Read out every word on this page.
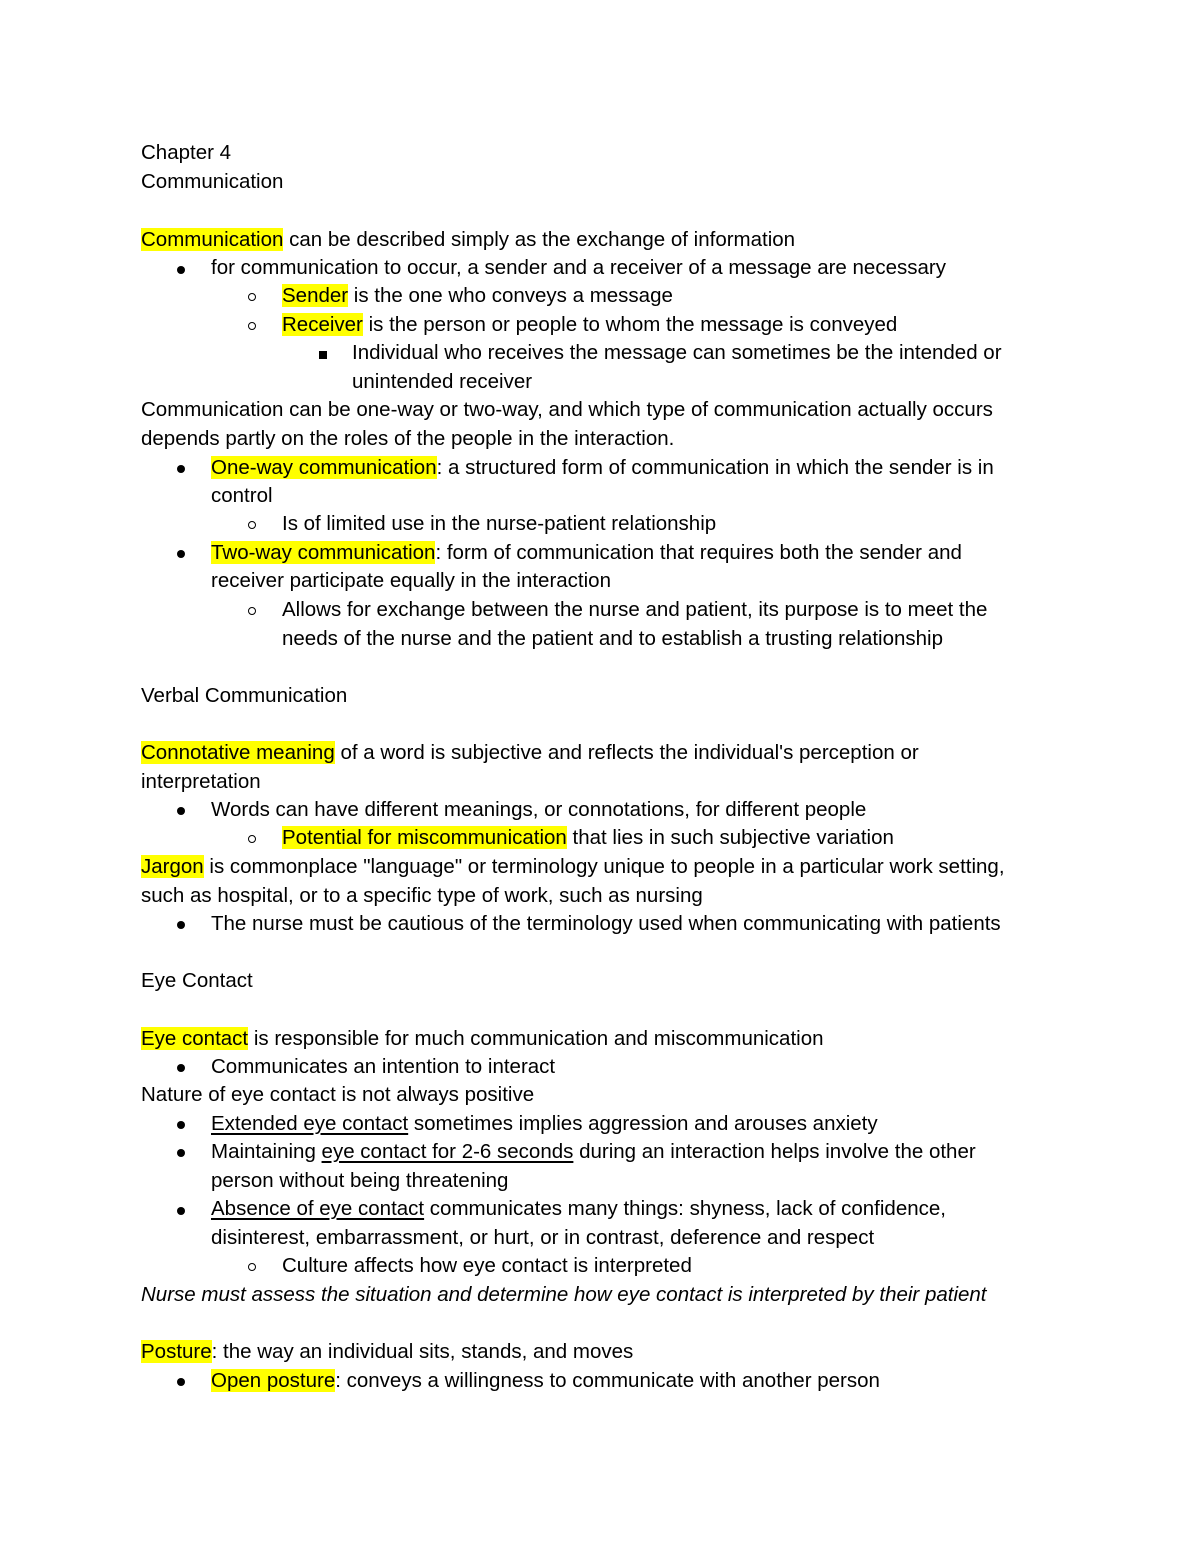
Chapter 4
Communication
Communication can be described simply as the exchange of information
for communication to occur, a sender and a receiver of a message are necessary
Sender is the one who conveys a message
Receiver is the person or people to whom the message is conveyed
Individual who receives the message can sometimes be the intended or
unintended receiver
Communication can be one-way or two-way, and which type of communication actually occurs
depends partly on the roles of the people in the interaction.
One-way communication: a structured form of communication in which the sender is in
control
Is of limited use in the nurse-patient relationship
Two-way communication: form of communication that requires both the sender and
receiver participate equally in the interaction
Allows for exchange between the nurse and patient, its purpose is to meet the
needs of the nurse and the patient and to establish a trusting relationship
Verbal Communication
Connotative meaning of a word is subjective and reflects the individual's perception or
interpretation
Words can have different meanings, or connotations, for different people
Potential for miscommunication that lies in such subjective variation
Jargon is commonplace "language" or terminology unique to people in a particular work setting,
such as hospital, or to a specific type of work, such as nursing
The nurse must be cautious of the terminology used when communicating with patients
Eye Contact
Eye contact is responsible for much communication and miscommunication
Communicates an intention to interact
Nature of eye contact is not always positive
Extended eye contact sometimes implies aggression and arouses anxiety
Maintaining eye contact for 2-6 seconds during an interaction helps involve the other
person without being threatening
Absence of eye contact communicates many things: shyness, lack of confidence,
disinterest, embarrassment, or hurt, or in contrast, deference and respect
Culture affects how eye contact is interpreted
Nurse must assess the situation and determine how eye contact is interpreted by their patient
Posture: the way an individual sits, stands, and moves
Open posture: conveys a willingness to communicate with another person
